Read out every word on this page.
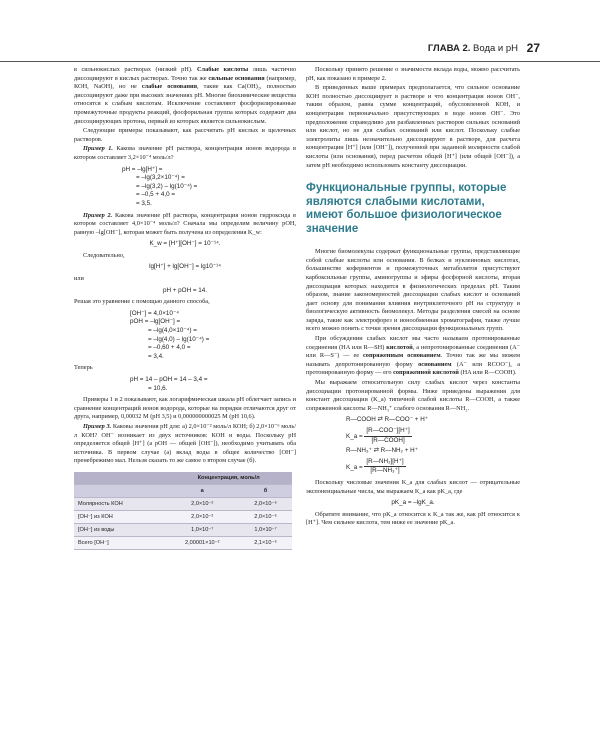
ГЛАВА 2. Вода и рН 27

в сильнокислых растворах (низкий рН). Слабые кислоты лишь частично диссоциируют в кислых растворах. Точно так же сильные основания (например, КОН, NaOH), но не слабые основания, такие как Ca(OH)₂, полностью диссоциируют даже при высоких значениях рН. Многие биохимические вещества относятся к слабым кислотам. Исключение составляют фосфорилированные промежуточные продукты реакций, фосфорильная группа которых содержит два диссоциирующих протона, первый из которых является сильнокислым.

Следующие примеры показывают, как рассчитать рН кислых и щелочных растворов.

Пример 1. Какова значение рН раствора, концентрация ионов водорода в котором составляет 3,2×10⁻⁴ моль/л?

pH = –lg[H⁺] =
= –lg(3,2×10⁻⁴) =
= –lg(3,2) – lg(10⁻⁴) =
= –0,5 + 4,0 =
= 3,5.

Пример 2. Какова значение рН раствора, концентрация ионов гидроксида в котором составляет 4,0×10⁻⁴ моль/л? Сначала мы определим величину рОН, равную –lg[OH⁻], которая может быть получена из определения K_w:

K_w = [H⁺][OH⁻] = 10⁻¹⁴.

Следовательно,

lg[H⁺] + lg[OH⁻] = lg10⁻¹⁴

или

pH + pOH = 14.

Решая это уравнение с помощью данного способа,

[OH⁻] = 4,0×10⁻⁴
pOH = –lg[OH⁻] =
= –lg(4,0×10⁻⁴) =
= –lg(4,0) – lg(10⁻⁴) =
= –0,60 + 4,0 =
= 3,4.

Теперь

pH = 14 – pOH = 14 – 3,4 =
= 10,6.

Примеры 1 и 2 показывают, как логарифмическая шкала рН облегчает запись и сравнение концентраций ионов водорода, которые на порядки отличаются друг от друга, например, 0,00032 М (рН 3,5) и 0,000000000025 М (рН 10,6).

Пример 3. Каковы значения рН для: а) 2,0×10⁻² моль/л КОН; б) 2,0×10⁻⁶ моль/л КОН? OH⁻ возникает из двух источников: КОН и воды. Поскольку рН определяется общей [H⁺] (а рОН — общей [OH⁻]), необходимо учитывать оба источника. В первом случае (а) вклад воды в общее количество [OH⁻] пренебрежимо мал. Нельзя сказать то же самое о втором случае (б).

	Концентрация, моль/л	
	а	б
Молярность КОН	2,0×10⁻²	2,0×10⁻⁶
[OH⁻] из КОН	2,0×10⁻²	2,0×10⁻⁶
[OH⁻] из воды	1,0×10⁻⁷	1,0×10⁻⁷
Всего [OH⁻]	2,00001×10⁻²	2,1×10⁻⁶

Поскольку принято решение о значимости вклада воды, можно рассчитать рН, как показано в примере 2.

В приведенных выше примерах предполагается, что сильное основание КОН полностью диссоциирует в растворе и что концентрация ионов OH⁻, таким образом, равна сумме концентраций, обусловленной КОН, и концентрации первоначально присутствующих в воде ионов OH⁻. Это предположение справедливо для разбавленных растворов сильных оснований или кислот, но не для слабых оснований или кислот. Поскольку слабые электролиты лишь незначительно диссоциируют в растворе, для расчета концентрации [H⁺] (или [OH⁻]), полученной при заданной молярности слабой кислоты (или основания), перед расчетом общей [H⁺] (или общей [OH⁻]), а затем рН необходимо использовать константу диссоциации.

Функциональные группы, которые являются слабыми кислотами, имеют большое физиологическое значение

Многие биомолекулы содержат функциональные группы, представляющие собой слабые кислоты или основания. В белках и нуклеиновых кислотах, большинстве коферментов и промежуточных метаболитов присутствуют карбоксильные группы, аминогруппы и эфиры фосфорной кислоты, вторая диссоциация которых находится в физиологических пределах рН. Таким образом, знание закономерностей диссоциации слабых кислот и оснований дает основу для понимания влияния внутриклеточного рН на структуру и биологическую активность биомолекул. Методы разделения смесей на основе заряда, такие как электрофорез и ионообменная хроматография, также лучше всего можно понять с точки зрения диссоциации функциональных групп.

При обсуждении слабых кислот мы часто называем протонированные соединения (HA или R—SH) кислотой, а непротонированные соединения (A⁻ или R—S⁻) — ее сопряженным основанием. Точно так же мы можем называть депротонированную форму основанием (A⁻ или RCOO⁻), а протонированную форму — его сопряженной кислотой (HA или R—COOH).

Мы выражаем относительную силу слабых кислот через константы диссоциации протонированной формы. Ниже приведены выражения для констант диссоциации (K_a) типичной слабой кислоты R—COOH, а также сопряженной кислоты R—NH₃⁺ слабого основания R—NH₂.

R—COOH ⇄ R—COO⁻ + H⁺
K_a = $\frac{\text{[R—COO⁻][H⁺]}}{\text{[R—COOH]}}$
R—NH₃⁺ ⇄ R—NH₂ + H⁺
K_a = $\frac{\text{[R—NH₂][H⁺]}}{\text{[R—NH₃⁺]}}$

Поскольку числовые значения K_a для слабых кислот — отрицательные экспоненциальные числа, мы выражаем K_a как pK_a, где

pK_a = –lgK_a.

Обратите внимание, что pK_a относится к K_a так же, как рН относится к [H⁺]. Чем сильнее кислота, тем ниже ее значение pK_a.
